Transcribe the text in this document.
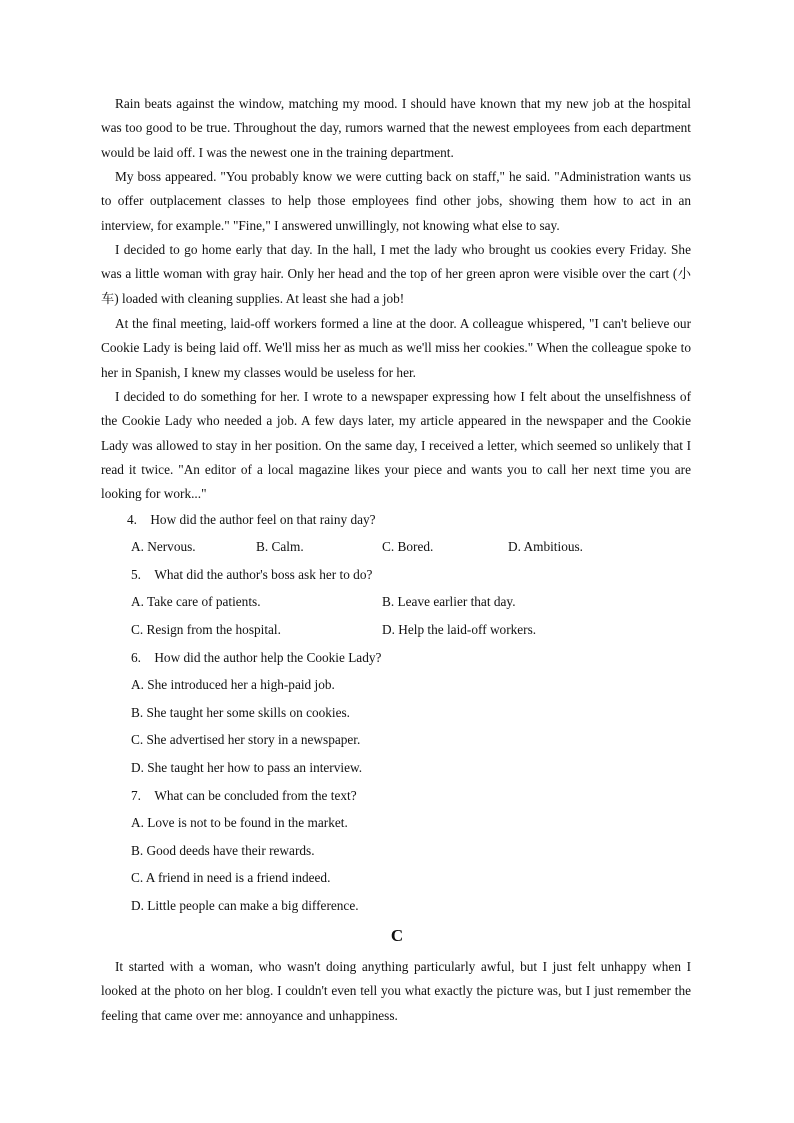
Rain beats against the window, matching my mood. I should have known that my new job at the hospital was too good to be true. Throughout the day, rumors warned that the newest employees from each department would be laid off. I was the newest one in the training department.

My boss appeared. "You probably know we were cutting back on staff," he said. "Administration wants us to offer outplacement classes to help those employees find other jobs, showing them how to act in an interview, for example." "Fine," I answered unwillingly, not knowing what else to say.

I decided to go home early that day. In the hall, I met the lady who brought us cookies every Friday. She was a little woman with gray hair. Only her head and the top of her green apron were visible over the cart (小车) loaded with cleaning supplies. At least she had a job!

At the final meeting, laid-off workers formed a line at the door. A colleague whispered, "I can't believe our Cookie Lady is being laid off. We'll miss her as much as we'll miss her cookies." When the colleague spoke to her in Spanish, I knew my classes would be useless for her.

I decided to do something for her. I wrote to a newspaper expressing how I felt about the unselfishness of the Cookie Lady who needed a job. A few days later, my article appeared in the newspaper and the Cookie Lady was allowed to stay in her position. On the same day, I received a letter, which seemed so unlikely that I read it twice. "An editor of a local magazine likes your piece and wants you to call her next time you are looking for work..."

4. How did the author feel on that rainy day?
A. Nervous.	B. Calm.	C. Bored.	D. Ambitious.
5. What did the author's boss ask her to do?
A. Take care of patients.	B. Leave earlier that day.
C. Resign from the hospital.	D. Help the laid-off workers.
6. How did the author help the Cookie Lady?
A. She introduced her a high-paid job.
B. She taught her some skills on cookies.
C. She advertised her story in a newspaper.
D. She taught her how to pass an interview.
7. What can be concluded from the text?
A. Love is not to be found in the market.
B. Good deeds have their rewards.
C. A friend in need is a friend indeed.
D. Little people can make a big difference.
C

It started with a woman, who wasn't doing anything particularly awful, but I just felt unhappy when I looked at the photo on her blog. I couldn't even tell you what exactly the picture was, but I just remember the feeling that came over me: annoyance and unhappiness.
